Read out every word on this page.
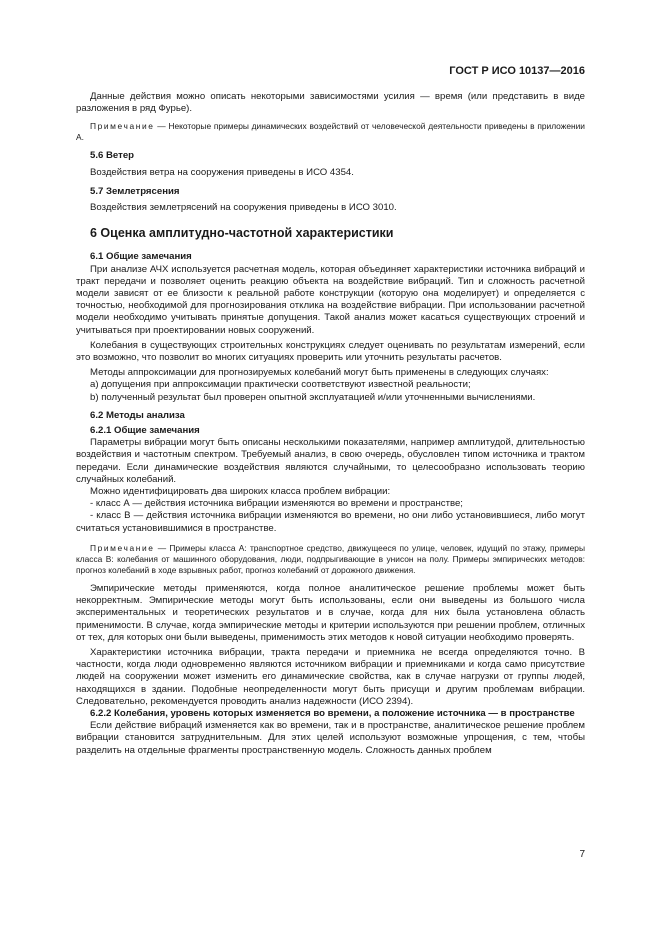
ГОСТ Р ИСО 10137—2016

Данные действия можно описать некоторыми зависимостями усилия — время (или представить в виде разложения в ряд Фурье).

Примечание — Некоторые примеры динамических воздействий от человеческой деятельности приведены в приложении А.

5.6 Ветер

Воздействия ветра на сооружения приведены в ИСО 4354.

5.7 Землетрясения

Воздействия землетрясений на сооружения приведены в ИСО 3010.

6 Оценка амплитудно-частотной характеристики

6.1 Общие замечания

При анализе АЧХ используется расчетная модель, которая объединяет характеристики источника вибраций и тракт передачи и позволяет оценить реакцию объекта на воздействие вибраций. Тип и сложность расчетной модели зависят от ее близости к реальной работе конструкции (которую она моделирует) и определяется с точностью, необходимой для прогнозирования отклика на воздействие вибрации. При использовании расчетной модели необходимо учитывать принятые допущения. Такой анализ может касаться существующих строений и учитываться при проектировании новых сооружений.

Колебания в существующих строительных конструкциях следует оценивать по результатам измерений, если это возможно, что позволит во многих ситуациях проверить или уточнить результаты расчетов.

Методы аппроксимации для прогнозируемых колебаний могут быть применены в следующих случаях:

а) допущения при аппроксимации практически соответствуют известной реальности;

b) полученный результат был проверен опытной эксплуатацией и/или уточненными вычислениями.

6.2 Методы анализа

6.2.1 Общие замечания

Параметры вибрации могут быть описаны несколькими показателями, например амплитудой, длительностью воздействия и частотным спектром. Требуемый анализ, в свою очередь, обусловлен типом источника и трактом передачи. Если динамические воздействия являются случайными, то целесообразно использовать теорию случайных колебаний.

Можно идентифицировать два широких класса проблем вибрации:

- класс А — действия источника вибрации изменяются во времени и пространстве;

- класс В — действия источника вибрации изменяются во времени, но они либо установившиеся, либо могут считаться установившимися в пространстве.

Примечание — Примеры класса А: транспортное средство, движущееся по улице, человек, идущий по этажу, примеры класса В: колебания от машинного оборудования, люди, подпрыгивающие в унисон на полу. Примеры эмпирических методов: прогноз колебаний в ходе взрывных работ, прогноз колебаний от дорожного движения.

Эмпирические методы применяются, когда полное аналитическое решение проблемы может быть некорректным. Эмпирические методы могут быть использованы, если они выведены из большого числа экспериментальных и теоретических результатов и в случае, когда для них была установлена область применимости. В случае, когда эмпирические методы и критерии используются при решении проблем, отличных от тех, для которых они были выведены, применимость этих методов к новой ситуации необходимо проверять.

Характеристики источника вибрации, тракта передачи и приемника не всегда определяются точно. В частности, когда люди одновременно являются источником вибрации и приемниками и когда само присутствие людей на сооружении может изменить его динамические свойства, как в случае нагрузки от группы людей, находящихся в здании. Подобные неопределенности могут быть присущи и другим проблемам вибрации. Следовательно, рекомендуется проводить анализ надежности (ИСО 2394).

6.2.2 Колебания, уровень которых изменяется во времени, а положение источника — в пространстве

Если действие вибраций изменяется как во времени, так и в пространстве, аналитическое решение проблем вибрации становится затруднительным. Для этих целей используют возможные упрощения, с тем, чтобы разделить на отдельные фрагменты пространственную модель. Сложность данных проблем

7
